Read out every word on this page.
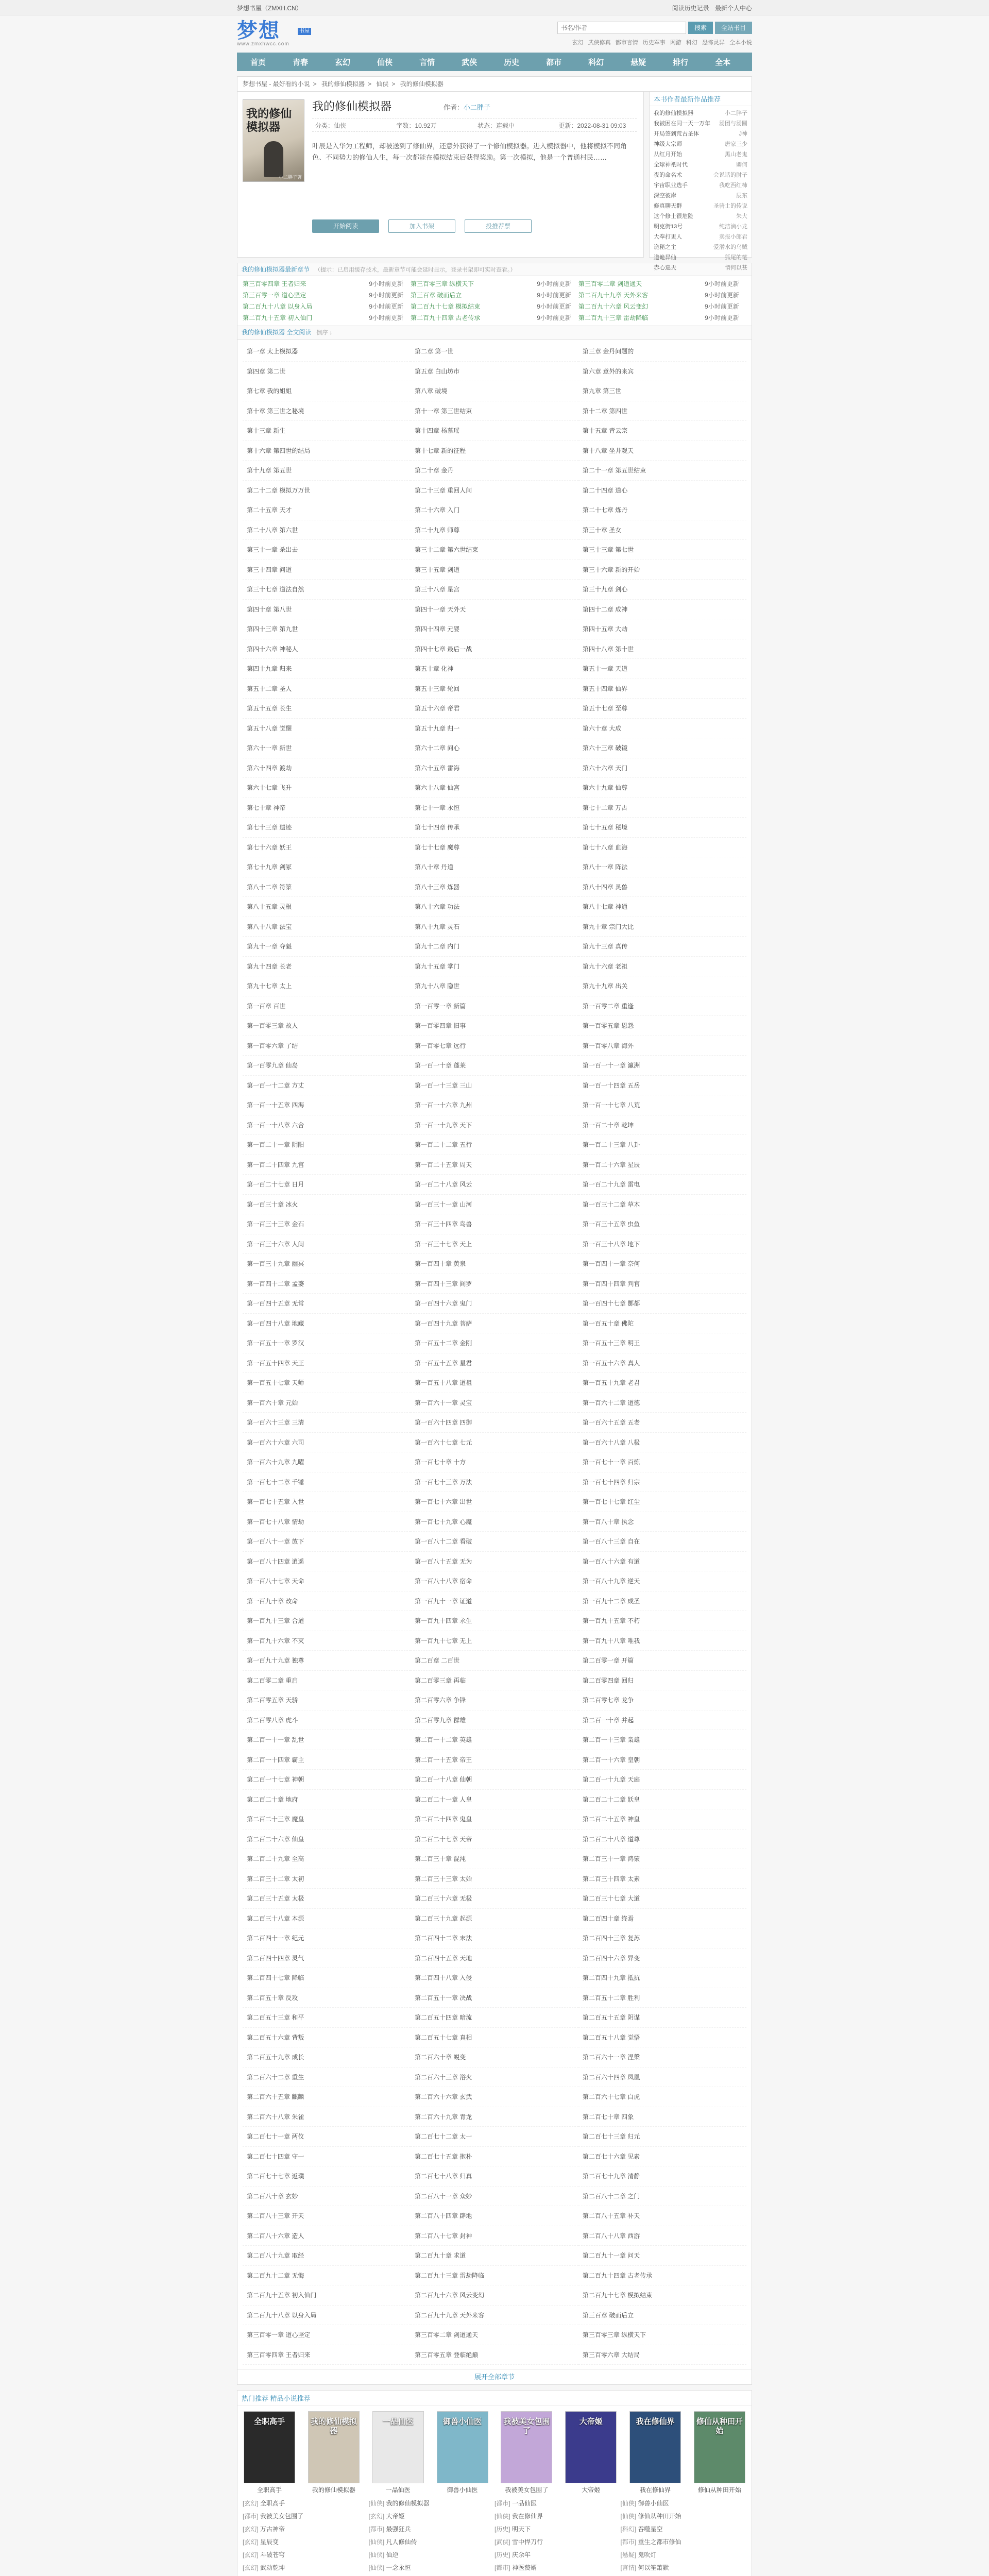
梦想书屋（ZMXH.CN）	阅读历史记录 最新个人中心
梦想	书屋
www.zmxhwcc.com
书名/作者
搜索	全站书目
玄幻 武侠修真 都市言情 历史军事 网游 科幻 恐怖灵异 全本小说
首页	青春	玄幻	仙侠	言情	武侠	历史	都市	科幻	悬疑	排行	全本
梦想书屋 - 最好看的小说 > 我的修仙模拟器 > 仙侠 > 我的修仙模拟器
我的修仙模拟器
小二胖子著
我的修仙模拟器	作者：小二胖子
分类：仙侠	字数：10.92万	状态：连载中	更新：2022-08-31 09:03
叶辰是入华为工程师，却被送到了修仙界，还意外获得了一个修仙模拟器。进入模拟器中，他将模拟不同角色、不同势力的修仙人生，每一次都能在模拟结束后获得奖励。第一次模拟，他是一个普通村民……
开始阅读	加入书架	投推荐票
本书作者最新作品推荐
我的修仙模拟器	小二胖子
我被困在同一天一万年 汤团与汤圆
开局签到荒古圣体	J神
神级大宗师	唐家三少
从红月开始	黑山老鬼
全球神祇时代	卿何
夜的命名术	会说话的肘子
宇宙职业选手	我吃西红柿
深空彼岸	辰东
修真聊天群	圣骑士的传说
这个修士很危险	朱大
明克街13号	纯洁滴小龙
大奉打更人	卖报小郎君
诡秘之主	爱潜水的乌贼
道诡异仙	狐尾的笔
赤心巡天	情何以甚
我的修仙模拟器最新章节 （提示：已启用缓存技术，最新章节可能会延时显示，登录书架即可实时查看。）
第三百零四章 王者归来	9小时前更新 第三百零三章 纵横天下	9小时前更新 第三百零二章 剑道通天	9小时前更新
第三百零一章 道心坚定	9小时前更新 第三百章 破而后立	9小时前更新 第二百九十九章 天外来客	9小时前更新
第二百九十八章 以身入局	9小时前更新 第二百九十七章 模拟结束	9小时前更新 第二百九十六章 风云变幻	9小时前更新
第二百九十五章 初入仙门	9小时前更新 第二百九十四章 古老传承	9小时前更新 第二百九十三章 雷劫降临	9小时前更新
我的修仙模拟器 全文阅读 倒序 ↓
第一章 太上模拟器	第二章 第一世	第三章 金丹问题的
第四章 第二世	第五章 白山坊市	第六章 意外的来宾
第七章 我的姐姐	第八章 破境	第九章 第三世
第十章 第三世之秘境	第十一章 第三世结束	第十二章 第四世
第十三章 新生	第十四章 杨慕瑶	第十五章 青云宗
第十六章 第四世的结局	第十七章 新的征程	第十八章 坐井观天
第十九章 第五世	第二十章 金丹	第二十一章 第五世结束
第二十二章 模拟万万世	第二十三章 重回人间	第二十四章 道心
第二十五章 天才	第二十六章 入门	第二十七章 炼丹
第二十八章 第六世	第二十九章 师尊	第三十章 圣女
第三十一章 杀出去	第三十二章 第六世结束	第三十三章 第七世
第三十四章 问道	第三十五章 剑道	第三十六章 新的开始
第三十七章 道法自然	第三十八章 星宫	第三十九章 剑心
第四十章 第八世	第四十一章 天外天	第四十二章 成神
第四十三章 第九世	第四十四章 元婴	第四十五章 大劫
第四十六章 神秘人	第四十七章 最后一战	第四十八章 第十世
第四十九章 归来	第五十章 化神	第五十一章 天道
第五十二章 圣人	第五十三章 轮回	第五十四章 仙界
第五十五章 长生	第五十六章 帝君	第五十七章 至尊
第五十八章 觉醒	第五十九章 归一	第六十章 大成
第六十一章 新世	第六十二章 问心	第六十三章 破镜
第六十四章 渡劫	第六十五章 雷海	第六十六章 天门
第六十七章 飞升	第六十八章 仙宫	第六十九章 仙尊
第七十章 神帝	第七十一章 永恒	第七十二章 万古
第七十三章 遗迹	第七十四章 传承	第七十五章 秘境
第七十六章 妖王	第七十七章 魔尊	第七十八章 血海
第七十九章 剑冢	第八十章 丹道	第八十一章 阵法
第八十二章 符箓	第八十三章 炼器	第八十四章 灵兽
第八十五章 灵根	第八十六章 功法	第八十七章 神通
第八十八章 法宝	第八十九章 灵石	第九十章 宗门大比
第九十一章 夺魁	第九十二章 内门	第九十三章 真传
第九十四章 长老	第九十五章 掌门	第九十六章 老祖
第九十七章 太上	第九十八章 隐世	第九十九章 出关
第一百章 百世	第一百零一章 新篇	第一百零二章 重逢
第一百零三章 故人	第一百零四章 旧事	第一百零五章 恩怨
第一百零六章 了结	第一百零七章 远行	第一百零八章 海外
第一百零九章 仙岛	第一百一十章 蓬莱	第一百一十一章 瀛洲
第一百一十二章 方丈	第一百一十三章 三山	第一百一十四章 五岳
第一百一十五章 四海	第一百一十六章 九州	第一百一十七章 八荒
第一百一十八章 六合	第一百一十九章 天下	第一百二十章 乾坤
第一百二十一章 阴阳	第一百二十二章 五行	第一百二十三章 八卦
第一百二十四章 九宫	第一百二十五章 周天	第一百二十六章 星辰
第一百二十七章 日月	第一百二十八章 风云	第一百二十九章 雷电
第一百三十章 冰火	第一百三十一章 山河	第一百三十二章 草木
第一百三十三章 金石	第一百三十四章 鸟兽	第一百三十五章 虫鱼
第一百三十六章 人间	第一百三十七章 天上	第一百三十八章 地下
第一百三十九章 幽冥	第一百四十章 黄泉	第一百四十一章 奈何
第一百四十二章 孟婆	第一百四十三章 阎罗	第一百四十四章 判官
第一百四十五章 无常	第一百四十六章 鬼门	第一百四十七章 酆都
第一百四十八章 地藏	第一百四十九章 菩萨	第一百五十章 佛陀
第一百五十一章 罗汉	第一百五十二章 金刚	第一百五十三章 明王
第一百五十四章 天王	第一百五十五章 星君	第一百五十六章 真人
第一百五十七章 天师	第一百五十八章 道祖	第一百五十九章 老君
第一百六十章 元始	第一百六十一章 灵宝	第一百六十二章 道德
第一百六十三章 三清	第一百六十四章 四御	第一百六十五章 五老
第一百六十六章 六司	第一百六十七章 七元	第一百六十八章 八极
第一百六十九章 九曜	第一百七十章 十方	第一百七十一章 百炼
第一百七十二章 千锤	第一百七十三章 万法	第一百七十四章 归宗
第一百七十五章 入世	第一百七十六章 出世	第一百七十七章 红尘
第一百七十八章 情劫	第一百七十九章 心魔	第一百八十章 执念
第一百八十一章 放下	第一百八十二章 看破	第一百八十三章 自在
第一百八十四章 逍遥	第一百八十五章 无为	第一百八十六章 有道
第一百八十七章 天命	第一百八十八章 宿命	第一百八十九章 逆天
第一百九十章 改命	第一百九十一章 证道	第一百九十二章 成圣
第一百九十三章 合道	第一百九十四章 永生	第一百九十五章 不朽
第一百九十六章 不灭	第一百九十七章 无上	第一百九十八章 唯我
第一百九十九章 独尊	第二百章 二百世	第二百零一章 开篇
第二百零二章 重启	第二百零三章 再临	第二百零四章 回归
第二百零五章 天骄	第二百零六章 争锋	第二百零七章 龙争
第二百零八章 虎斗	第二百零九章 群雄	第二百一十章 并起
第二百一十一章 乱世	第二百一十二章 英雄	第二百一十三章 枭雄
第二百一十四章 霸主	第二百一十五章 帝王	第二百一十六章 皇朝
第二百一十七章 神朝	第二百一十八章 仙朝	第二百一十九章 天庭
第二百二十章 地府	第二百二十一章 人皇	第二百二十二章 妖皇
第二百二十三章 魔皇	第二百二十四章 鬼皇	第二百二十五章 神皇
第二百二十六章 仙皇	第二百二十七章 天帝	第二百二十八章 道尊
第二百二十九章 至高	第二百三十章 混沌	第二百三十一章 鸿蒙
第二百三十二章 太初	第二百三十三章 太始	第二百三十四章 太素
第二百三十五章 太极	第二百三十六章 无极	第二百三十七章 大道
第二百三十八章 本源	第二百三十九章 起源	第二百四十章 终焉
第二百四十一章 纪元	第二百四十二章 末法	第二百四十三章 复苏
第二百四十四章 灵气	第二百四十五章 天地	第二百四十六章 异变
第二百四十七章 降临	第二百四十八章 入侵	第二百四十九章 抵抗
第二百五十章 反攻	第二百五十一章 决战	第二百五十二章 胜利
第二百五十三章 和平	第二百五十四章 暗流	第二百五十五章 阴谋
第二百五十六章 背叛	第二百五十七章 真相	第二百五十八章 觉悟
第二百五十九章 成长	第二百六十章 蜕变	第二百六十一章 涅槃
第二百六十二章 重生	第二百六十三章 浴火	第二百六十四章 凤凰
第二百六十五章 麒麟	第二百六十六章 玄武	第二百六十七章 白虎
第二百六十八章 朱雀	第二百六十九章 青龙	第二百七十章 四象
第二百七十一章 两仪	第二百七十二章 太一	第二百七十三章 归元
第二百七十四章 守一	第二百七十五章 抱朴	第二百七十六章 见素
第二百七十七章 返璞	第二百七十八章 归真	第二百七十九章 清静
第二百八十章 玄妙	第二百八十一章 众妙	第二百八十二章 之门
第二百八十三章 开天	第二百八十四章 辟地	第二百八十五章 补天
第二百八十六章 造人	第二百八十七章 封神	第二百八十八章 西游
第二百八十九章 取经	第二百九十章 求道	第二百九十一章 问天
第二百九十二章 无悔	第二百九十三章 雷劫降临	第二百九十四章 古老传承
第二百九十五章 初入仙门	第二百九十六章 风云变幻	第二百九十七章 模拟结束
第二百九十八章 以身入局	第二百九十九章 天外来客	第三百章 破而后立
第三百零一章 道心坚定	第三百零二章 剑道通天	第三百零三章 纵横天下
第三百零四章 王者归来	第三百零五章 登临绝巅	第三百零六章 大结局
展开全部章节
热门推荐 精品小说推荐
全职高手
全职高手
我的修仙模拟器
我的修仙模拟器
一品仙医
一品仙医
御兽小仙医
御兽小仙医
我被美女包围了
我被美女包围了
大帝姬
大帝姬
我在修仙界
我在修仙界
修仙从种田开始
修仙从种田开始
[玄幻] 全职高手	[仙侠] 我的修仙模拟器	[都市] 一品仙医	[仙侠] 御兽小仙医
[都市] 我被美女包围了	[玄幻] 大帝姬	[仙侠] 我在修仙界	[仙侠] 修仙从种田开始
[玄幻] 万古神帝	[都市] 最强狂兵	[历史] 明天下	[科幻] 吞噬星空
[玄幻] 星辰变	[仙侠] 凡人修仙传	[武侠] 雪中悍刀行	[都市] 重生之都市修仙
[玄幻] 斗破苍穹	[仙侠] 仙逆	[历史] 庆余年	[悬疑] 鬼吹灯
[玄幻] 武动乾坤	[仙侠] 一念永恒	[都市] 神医赘婿	[言情] 何以笙箫默
